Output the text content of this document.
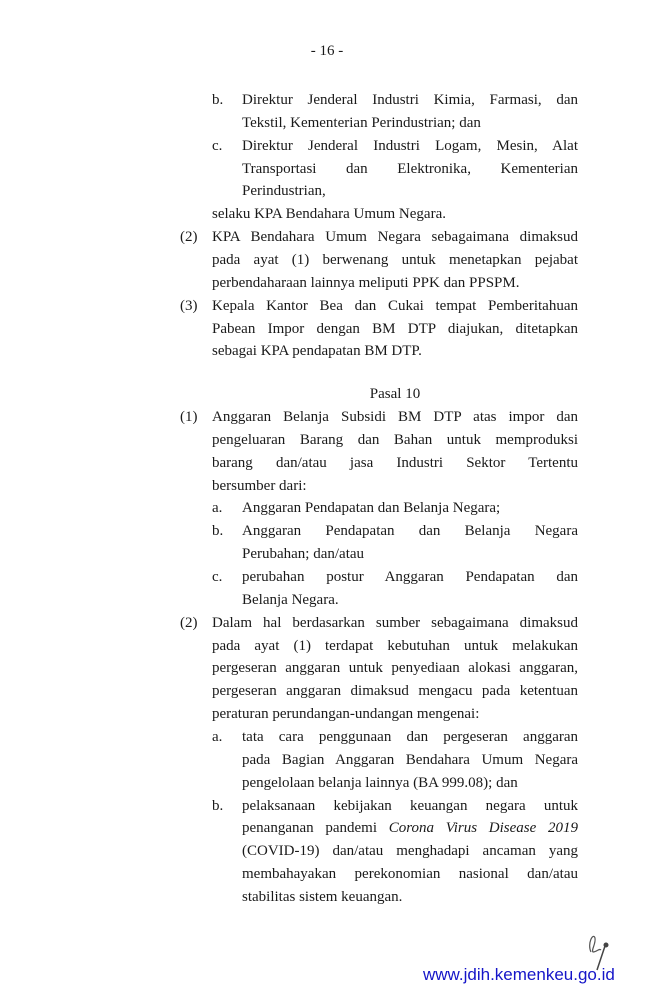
- 16 -
b. Direktur Jenderal Industri Kimia, Farmasi, dan
Tekstil, Kementerian Perindustrian; dan
c. Direktur Jenderal Industri Logam, Mesin, Alat
Transportasi dan Elektronika, Kementerian
Perindustrian,
selaku KPA Bendahara Umum Negara.
(2) KPA Bendahara Umum Negara sebagaimana dimaksud
pada ayat (1) berwenang untuk menetapkan pejabat
perbendaharaan lainnya meliputi PPK dan PPSPM.
(3) Kepala Kantor Bea dan Cukai tempat Pemberitahuan
Pabean Impor dengan BM DTP diajukan, ditetapkan
sebagai KPA pendapatan BM DTP.
Pasal 10
(1) Anggaran Belanja Subsidi BM DTP atas impor dan
pengeluaran Barang dan Bahan untuk memproduksi
barang dan/atau jasa Industri Sektor Tertentu
bersumber dari:
a. Anggaran Pendapatan dan Belanja Negara;
b. Anggaran Pendapatan dan Belanja Negara
Perubahan; dan/atau
c. perubahan postur Anggaran Pendapatan dan
Belanja Negara.
(2) Dalam hal berdasarkan sumber sebagaimana dimaksud
pada ayat (1) terdapat kebutuhan untuk melakukan
pergeseran anggaran untuk penyediaan alokasi anggaran,
pergeseran anggaran dimaksud mengacu pada ketentuan
peraturan perundangan-undangan mengenai:
a. tata cara penggunaan dan pergeseran anggaran
pada Bagian Anggaran Bendahara Umum Negara
pengelolaan belanja lainnya (BA 999.08); dan
b. pelaksanaan kebijakan keuangan negara untuk
penanganan pandemi Corona Virus Disease 2019
(COVID-19) dan/atau menghadapi ancaman yang
membahayakan perekonomian nasional dan/atau
stabilitas sistem keuangan.
www.jdih.kemenkeu.go.id
